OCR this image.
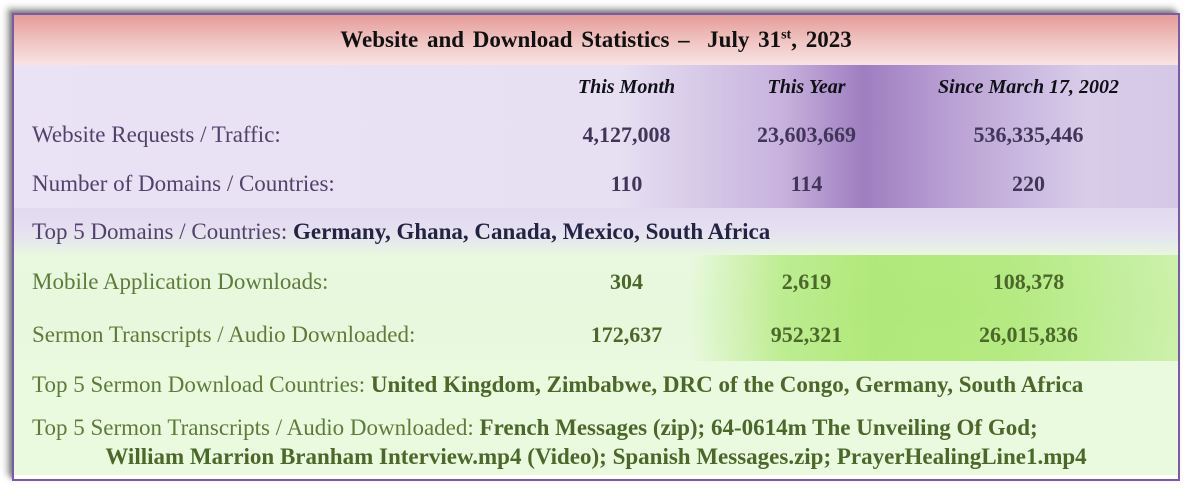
Website and Download Statistics –  July 31st, 2023
This Month	This Year	Since March 17, 2002
Website Requests / Traffic:	4,127,008	23,603,669	536,335,446
Number of Domains / Countries:	110	114	220
Top 5 Domains / Countries: Germany, Ghana, Canada, Mexico, South Africa
Mobile Application Downloads:	304	2,619	108,378
Sermon Transcripts / Audio Downloaded:	172,637	952,321	26,015,836
Top 5 Sermon Download Countries: United Kingdom, Zimbabwe, DRC of the Congo, Germany, South Africa
Top 5 Sermon Transcripts / Audio Downloaded: French Messages (zip); 64-0614m The Unveiling Of God;
William Marrion Branham Interview.mp4 (Video); Spanish Messages.zip; PrayerHealingLine1.mp4
